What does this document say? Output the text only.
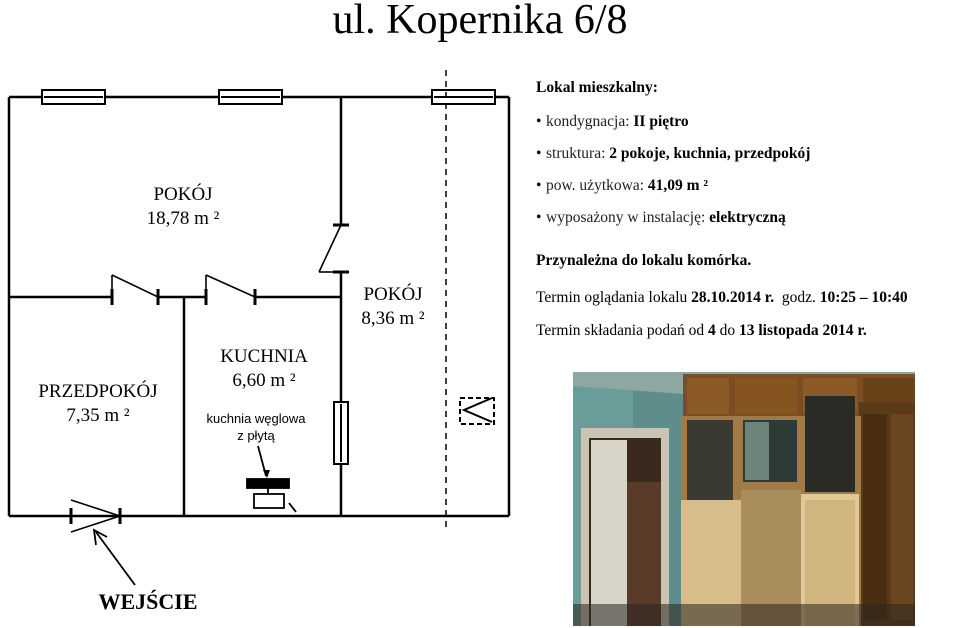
ul. Kopernika 6/8
POKÓJ
18,78 m ²
POKÓJ
8,36 m ²
PRZEDPOKÓJ
7,35 m ²
KUCHNIA
6,60 m ²
kuchnia węglowa
z płytą
WEJŚCIE
Lokal mieszkalny:
• kondygnacja: II piętro
• struktura: 2 pokoje, kuchnia, przedpokój
• pow. użytkowa: 41,09 m ²
• wyposażony w instalację: elektryczną
Przynależna do lokalu komórka.
Termin oglądania lokalu 28.10.2014 r.  godz. 10:25 – 10:40
Termin składania podań od 4 do 13 listopada 2014 r.
